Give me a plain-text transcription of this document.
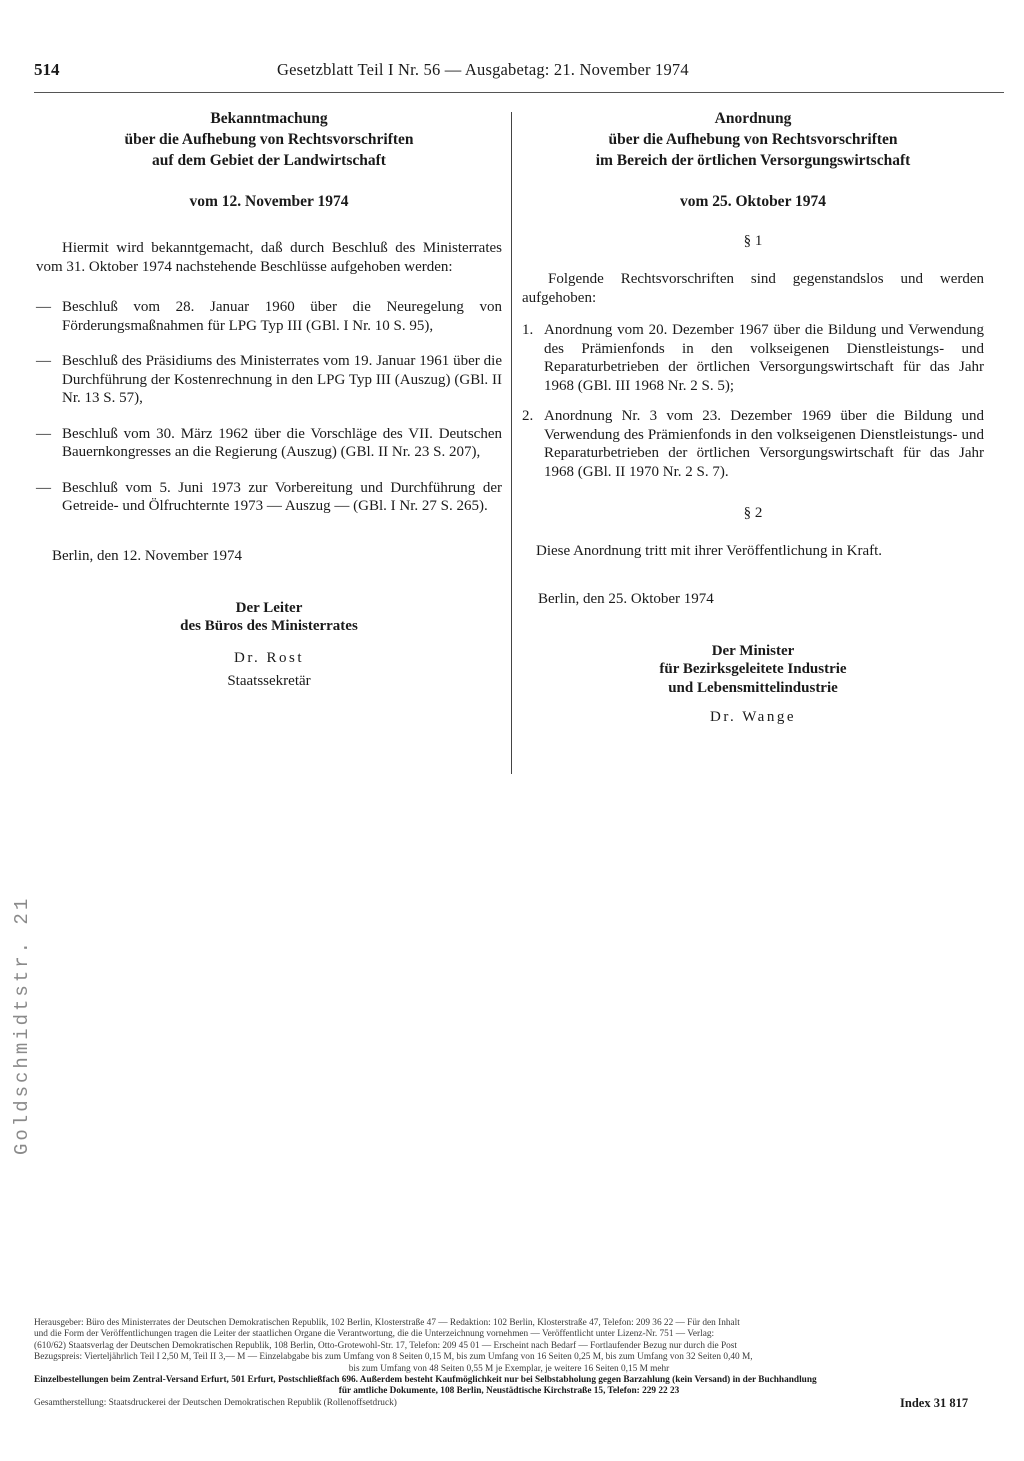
514	Gesetzblatt Teil I Nr. 56 — Ausgabetag: 21. November 1974
Bekanntmachung
über die Aufhebung von Rechtsvorschriften
auf dem Gebiet der Landwirtschaft
vom 12. November 1974
Hiermit wird bekanntgemacht, daß durch Beschluß des Ministerrates vom 31. Oktober 1974 nachstehende Beschlüsse aufgehoben werden:
— Beschluß vom 28. Januar 1960 über die Neuregelung von Förderungsmaßnahmen für LPG Typ III (GBl. I Nr. 10 S. 95),
— Beschluß des Präsidiums des Ministerrates vom 19. Januar 1961 über die Durchführung der Kostenrechnung in den LPG Typ III (Auszug) (GBl. II Nr. 13 S. 57),
— Beschluß vom 30. März 1962 über die Vorschläge des VII. Deutschen Bauernkongresses an die Regierung (Auszug) (GBl. II Nr. 23 S. 207),
— Beschluß vom 5. Juni 1973 zur Vorbereitung und Durchführung der Getreide- und Ölfruchternte 1973 — Auszug — (GBl. I Nr. 27 S. 265).
Berlin, den 12. November 1974
Der Leiter
des Büros des Ministerrates
Dr. Rost
Staatssekretär
Anordnung
über die Aufhebung von Rechtsvorschriften
im Bereich der örtlichen Versorgungswirtschaft
vom 25. Oktober 1974
§ 1
Folgende Rechtsvorschriften sind gegenstandslos und werden aufgehoben:
1. Anordnung vom 20. Dezember 1967 über die Bildung und Verwendung des Prämienfonds in den volkseigenen Dienstleistungs- und Reparaturbetrieben der örtlichen Versorgungswirtschaft für das Jahr 1968 (GBl. III 1968 Nr. 2 S. 5);
2. Anordnung Nr. 3 vom 23. Dezember 1969 über die Bildung und Verwendung des Prämienfonds in den volkseigenen Dienstleistungs- und Reparaturbetrieben der örtlichen Versorgungswirtschaft für das Jahr 1968 (GBl. II 1970 Nr. 2 S. 7).
§ 2
Diese Anordnung tritt mit ihrer Veröffentlichung in Kraft.
Berlin, den 25. Oktober 1974
Der Minister
für Bezirksgeleitete Industrie
und Lebensmittelindustrie
Dr. Wange
Goldschmidtstr. 21
Herausgeber: Büro des Ministerrates der Deutschen Demokratischen Republik, 102 Berlin, Klosterstraße 47 — Redaktion: 102 Berlin, Klosterstraße 47, Telefon: 209 36 22 — Für den Inhalt
und die Form der Veröffentlichungen tragen die Leiter der staatlichen Organe die Verantwortung, die die Unterzeichnung vornehmen — Veröffentlicht unter Lizenz-Nr. 751 — Verlag:
(610/62) Staatsverlag der Deutschen Demokratischen Republik, 108 Berlin, Otto-Grotewohl-Str. 17, Telefon: 209 45 01 — Erscheint nach Bedarf — Fortlaufender Bezug nur durch die Post
Bezugspreis: Vierteljährlich Teil I 2,50 M, Teil II 3,— M — Einzelabgabe bis zum Umfang von 8 Seiten 0,15 M, bis zum Umfang von 16 Seiten 0,25 M, bis zum Umfang von 32 Seiten 0,40 M,
bis zum Umfang von 48 Seiten 0,55 M je Exemplar, je weitere 16 Seiten 0,15 M mehr
Einzelbestellungen beim Zentral-Versand Erfurt, 501 Erfurt, Postschließfach 696. Außerdem besteht Kaufmöglichkeit nur bei Selbstabholung gegen Barzahlung (kein Versand) in der Buchhandlung
für amtliche Dokumente, 108 Berlin, Neustädtische Kirchstraße 15, Telefon: 229 22 23
Gesamtherstellung: Staatsdruckerei der Deutschen Demokratischen Republik (Rollenoffsetdruck)	Index 31 817
